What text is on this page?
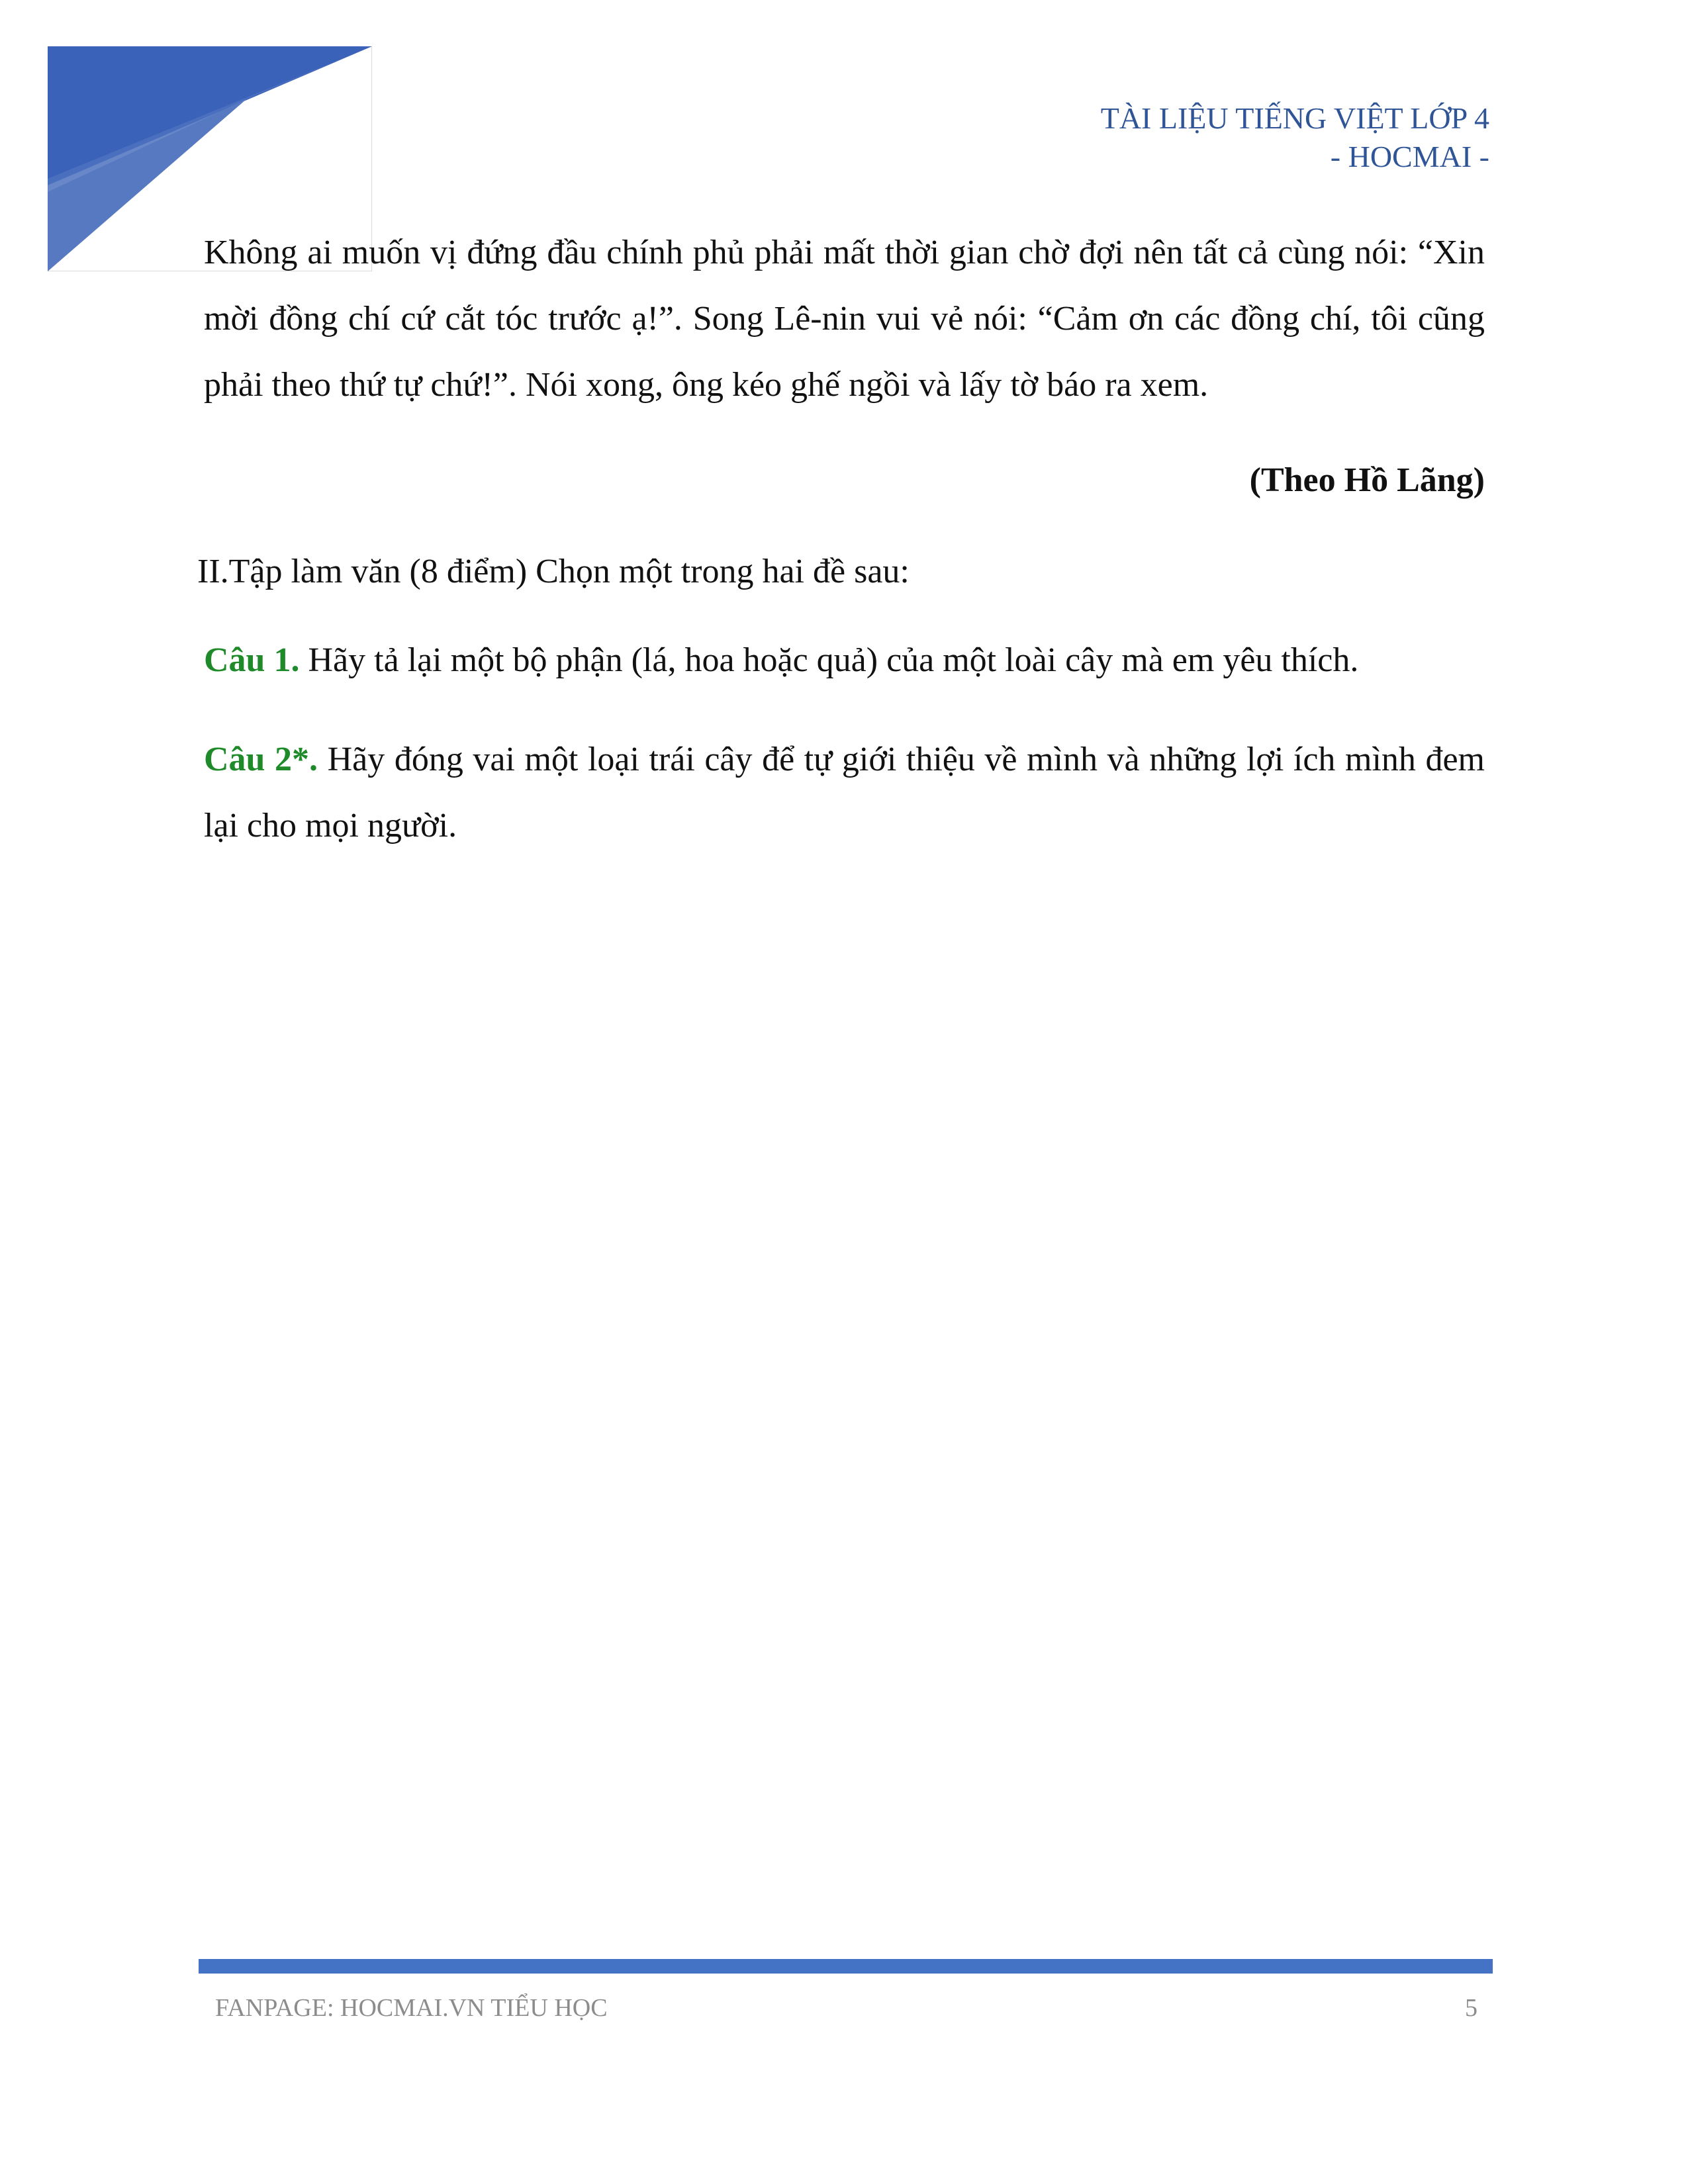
TÀI LIỆU TIẾNG VIỆT LỚP 4
- HOCMAI -

Không ai muốn vị đứng đầu chính phủ phải mất thời gian chờ đợi nên tất cả cùng nói: “Xin mời đồng chí cứ cắt tóc trước ạ!”. Song Lê-nin vui vẻ nói: “Cảm ơn các đồng chí, tôi cũng phải theo thứ tự chứ!”. Nói xong, ông kéo ghế ngồi và lấy tờ báo ra xem.

(Theo Hồ Lãng)

II.Tập làm văn (8 điểm) Chọn một trong hai đề sau:

Câu 1. Hãy tả lại một bộ phận (lá, hoa hoặc quả) của một loài cây mà em yêu thích.

Câu 2*. Hãy đóng vai một loại trái cây để tự giới thiệu về mình và những lợi ích mình đem lại cho mọi người.

FANPAGE: HOCMAI.VN TIỂU HỌC	5
